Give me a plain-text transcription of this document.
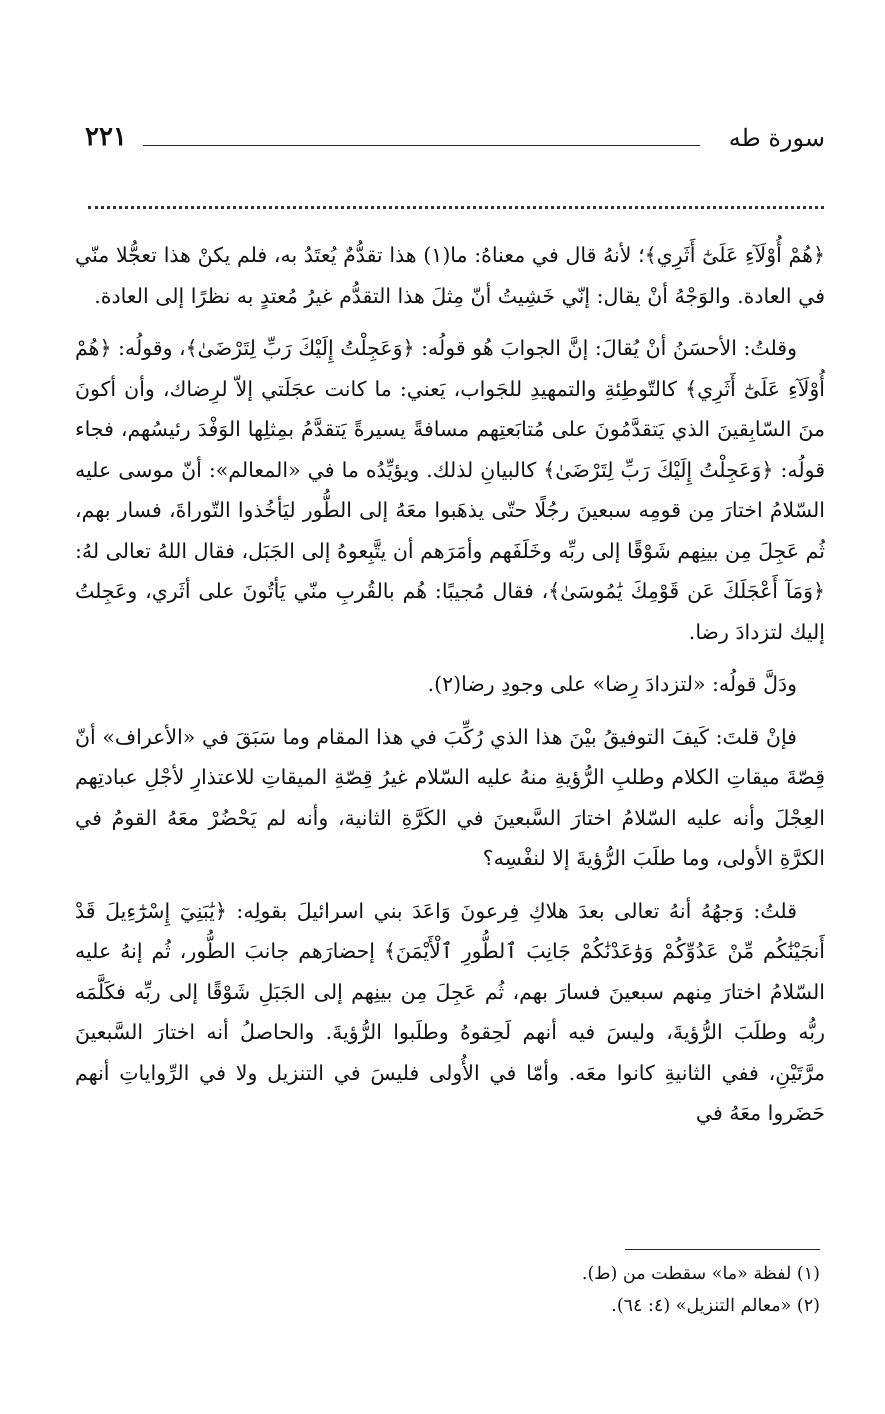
سورة طه
٢٢١

﴿هُمْ أُوْلَآءِ عَلَىٰٓ أَثَرِي﴾؛ لأنهُ قال في معناهُ: ما(١) هذا تقدُّمٌ يُعتَدُ به، فلم يكنْ هذا تعجُّلا منّي في العادة. والوَجْهُ أنْ يقال: إنّي خَشِيتُ أنّ مِثلَ هذا التقدُّم غيرُ مُعتدٍ به نظرًا إلى العادة.

وقلتُ: الأحسَنُ أنْ يُقالَ: إنَّ الجوابَ هُو قولُه: ﴿وَعَجِلْتُ إِلَيْكَ رَبِّ لِتَرْضَىٰ﴾، وقولُه: ﴿هُمْ أُوْلَآءِ عَلَىٰٓ أَثَرِي﴾ كالتّوطِئةِ والتمهيدِ للجَواب، يَعني: ما كانت عجَلَتي إلاّ لرِضاك، وأن أكونَ منَ السّابِقينَ الذي يَتقدَّمُونَ على مُتابَعتِهم مسافةً يسيرةً يَتقدَّمُ بمِثلِها الوَفْدَ رئيسُهم، فجاء قولُه: ﴿وَعَجِلْتُ إِلَيْكَ رَبِّ لِتَرْضَىٰ﴾ كالبيانِ لذلك. ويؤيِّدُه ما في «المعالم»: أنّ موسى عليه السّلامُ اختارَ مِن قومِه سبعينَ رجُلًا حتّى يذهَبوا معَهُ إلى الطُّور ليَأخُذوا التّوراةَ، فسار بهم، ثُم عَجِلَ مِن بينِهم شَوْقًا إلى ربِّه وخَلَفَهم وأمَرَهم أن يتَّبِعوهُ إلى الجَبَل، فقال اللهُ تعالى لهُ: ﴿وَمَآ أَعْجَلَكَ عَن قَوْمِكَ يَٰمُوسَىٰ﴾، فقال مُجيبًا: هُم بالقُربِ منّي يَأتُونَ على أثَري، وعَجِلتُ إليك لتزدادَ رضا.

ودَلَّ قولُه: «لتزدادَ رِضا» على وجودِ رضا(٢).

فإنْ قلتَ: كَيفَ التوفيقُ بيْنَ هذا الذي رُكِّبَ في هذا المقام وما سَبَقَ في «الأعراف» أنّ قِصّةَ ميقاتِ الكلام وطلبِ الرُّؤيةِ منهُ عليه السّلام غيرُ قِصّةِ الميقاتِ للاعتذارِ لأجْلِ عبادتِهم العِجْلَ وأنه عليه السّلامُ اختارَ السَّبعينَ في الكَرَّةِ الثانية، وأنه لم يَحْضُرْ معَهُ القومُ في الكرَّةِ الأولى، وما طلَبَ الرُّؤيةَ إلا لنفْسِه؟

قلتُ: وَجهُهُ أنهُ تعالى بعدَ هلاكِ فِرعونَ وَاعَدَ بني اسرائيلَ بقولِه: ﴿يَٰبَنِيٓ إِسْرَٰٓءِيلَ قَدْ أَنجَيْنَٰكُم مِّنْ عَدُوِّكُمْ وَوَٰعَدْنَٰكُمْ جَانِبَ ٱلطُّورِ ٱلْأَيْمَنَ﴾ إحضارَهم جانبَ الطُّور، ثُم إنهُ عليه السّلامُ اختارَ مِنهم سبعينَ فسارَ بهم، ثُم عَجِلَ مِن بينِهم إلى الجَبَلِ شَوْقًا إلى ربِّه فكَلَّمَه ربُّه وطلَبَ الرُّؤيةَ، وليسَ فيه أنهم لَحِقوهُ وطلَبوا الرُّؤيةَ. والحاصلُ أنه اختارَ السَّبعينَ مرَّتَيْنِ، ففي الثانيةِ كانوا معَه. وأمّا في الأُولى فليسَ في التنزيل ولا في الرِّواياتِ أنهم حَضَروا معَهُ في

(١) لفظة «ما» سقطت من (ط).

(٢) «معالم التنزيل» (٤: ٦٤).
